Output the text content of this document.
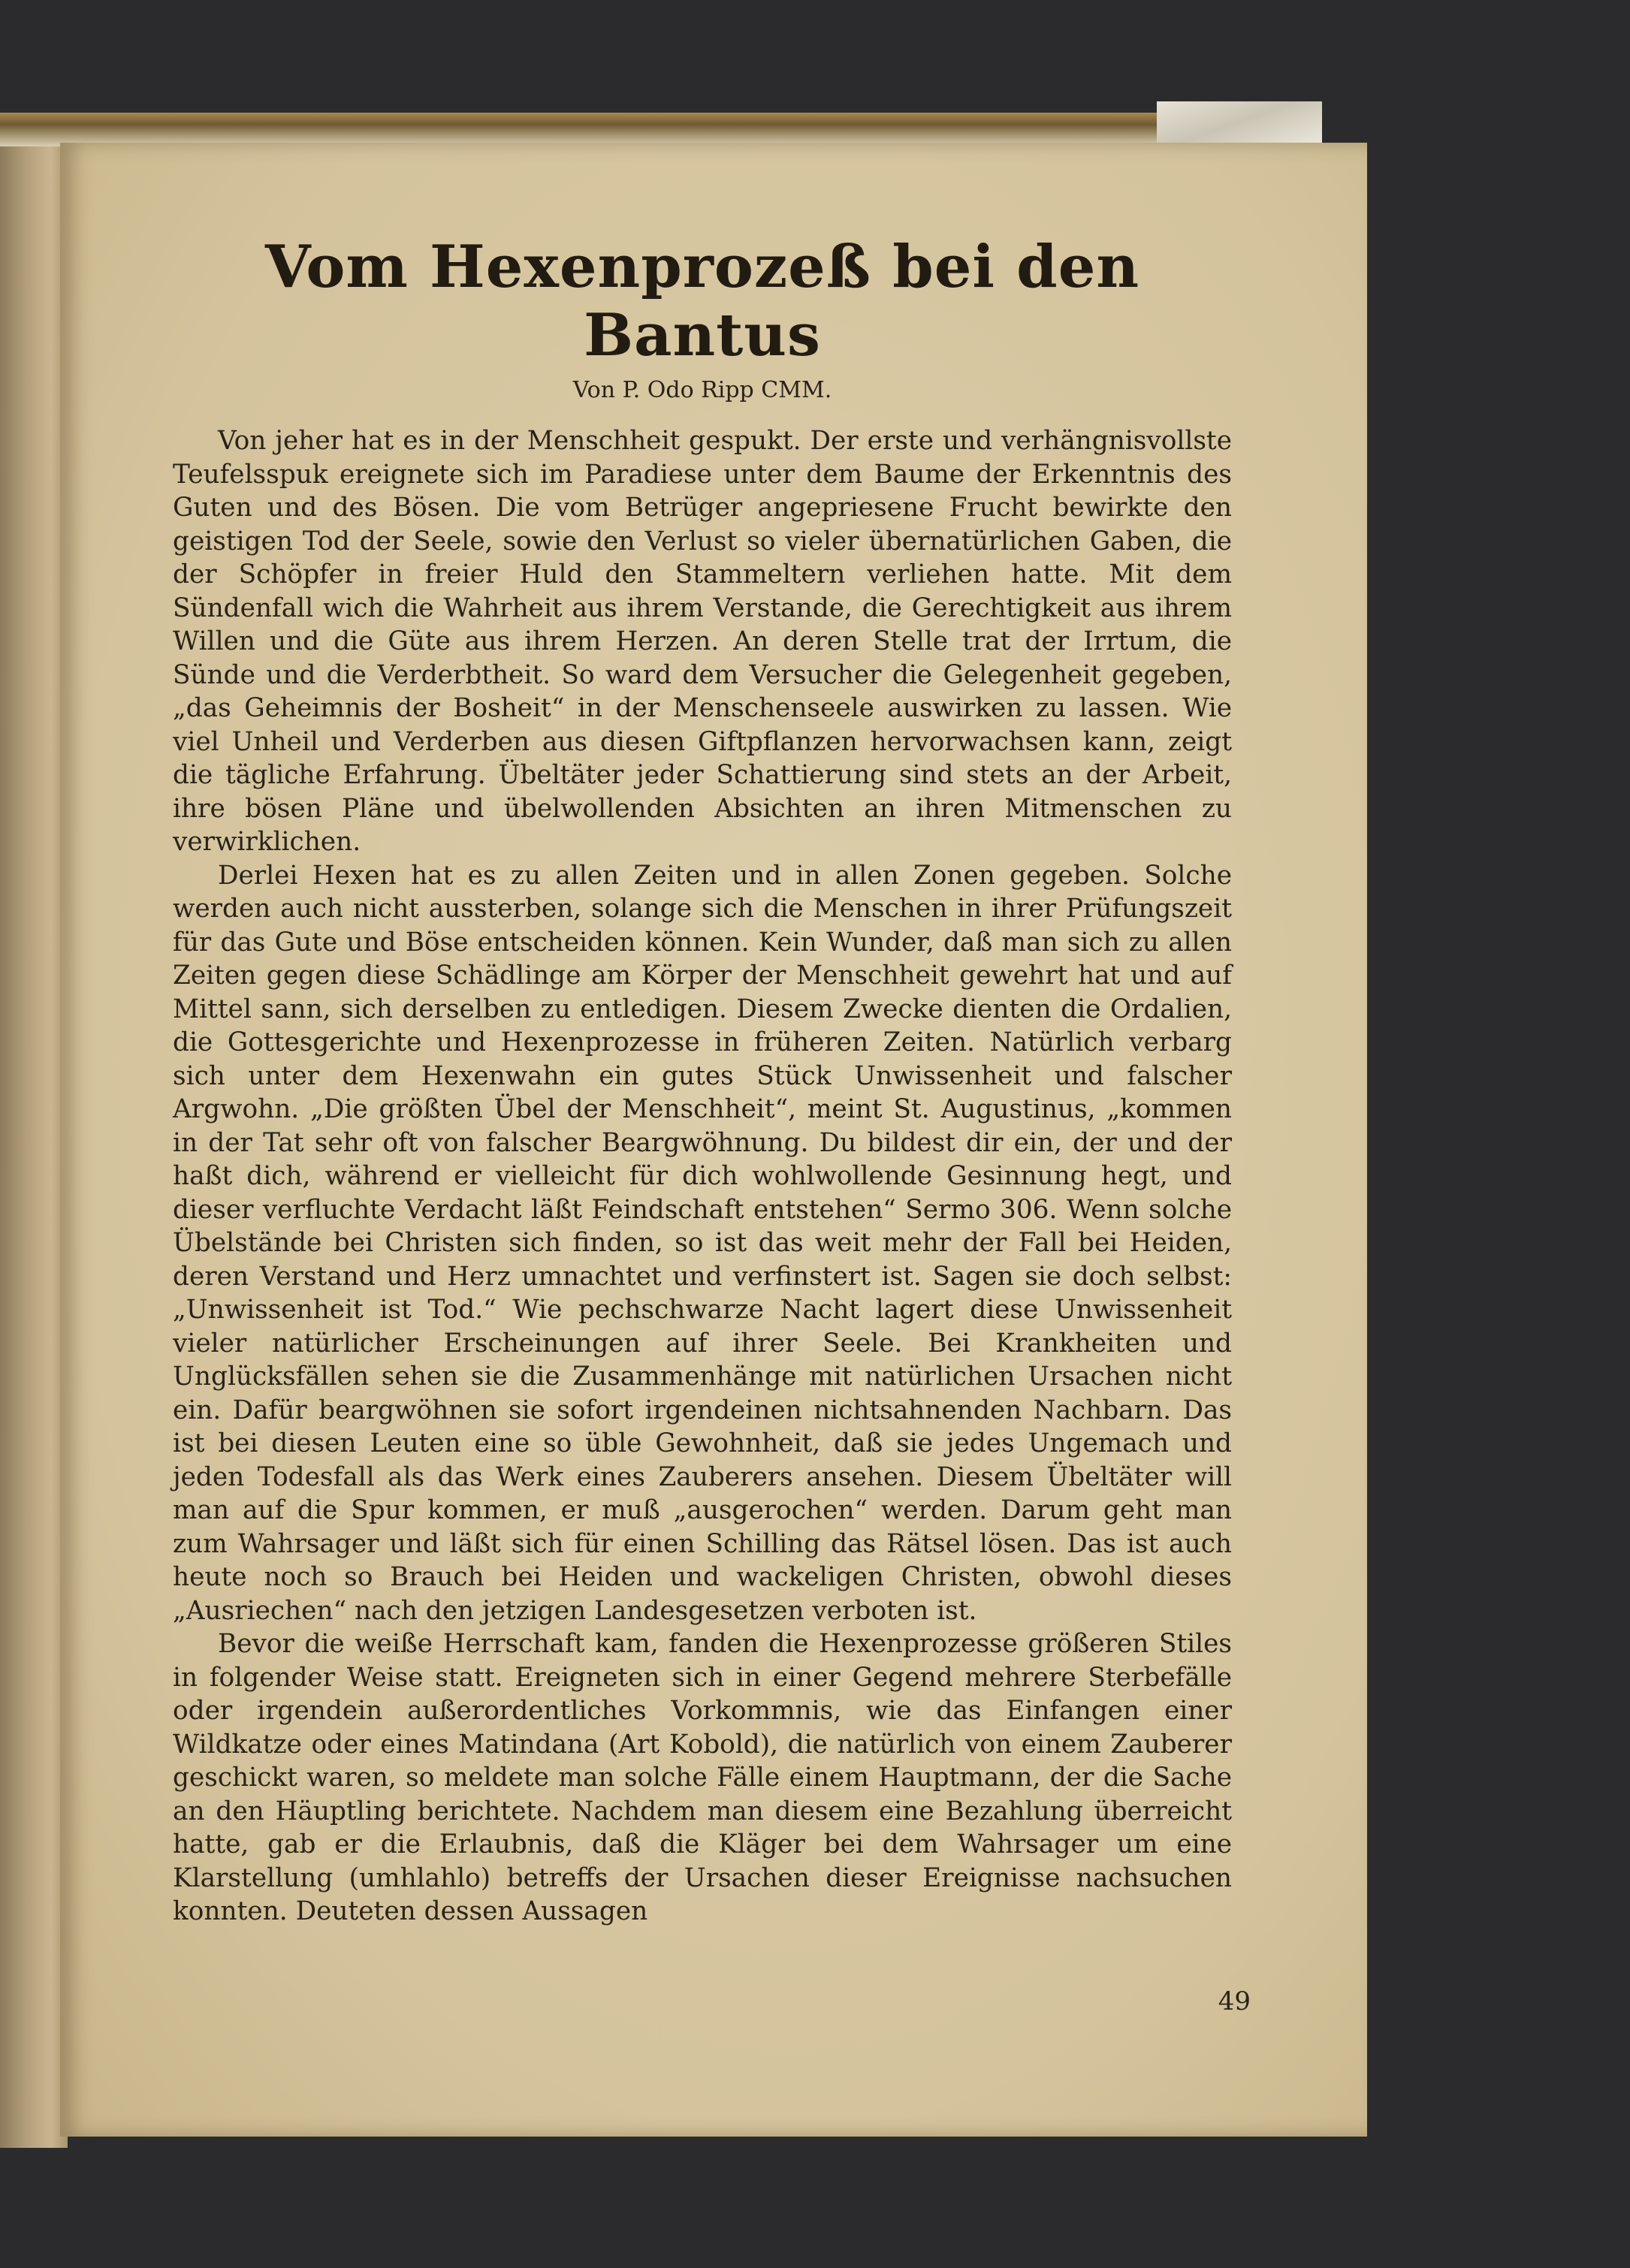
Vom Hexenprozeß bei den Bantus
Von P. Odo Ripp CMM.

Von jeher hat es in der Menschheit gespukt. Der erste und verhängnisvollste Teufelsspuk ereignete sich im Paradiese unter dem Baume der Erkenntnis des Guten und des Bösen. Die vom Betrüger angepriesene Frucht bewirkte den geistigen Tod der Seele, sowie den Verlust so vieler übernatürlichen Gaben, die der Schöpfer in freier Huld den Stammeltern verliehen hatte. Mit dem Sündenfall wich die Wahrheit aus ihrem Verstande, die Gerechtigkeit aus ihrem Willen und die Güte aus ihrem Herzen. An deren Stelle trat der Irrtum, die Sünde und die Verderbtheit. So ward dem Versucher die Gelegenheit gegeben, „das Geheimnis der Bosheit“ in der Menschenseele auswirken zu lassen. Wie viel Unheil und Verderben aus diesen Giftpflanzen hervorwachsen kann, zeigt die tägliche Erfahrung. Übeltäter jeder Schattierung sind stets an der Arbeit, ihre bösen Pläne und übelwollenden Absichten an ihren Mitmenschen zu verwirklichen.

Derlei Hexen hat es zu allen Zeiten und in allen Zonen gegeben. Solche werden auch nicht aussterben, solange sich die Menschen in ihrer Prüfungszeit für das Gute und Böse entscheiden können. Kein Wunder, daß man sich zu allen Zeiten gegen diese Schädlinge am Körper der Menschheit gewehrt hat und auf Mittel sann, sich derselben zu entledigen. Diesem Zwecke dienten die Ordalien, die Gottesgerichte und Hexenprozesse in früheren Zeiten. Natürlich verbarg sich unter dem Hexenwahn ein gutes Stück Unwissenheit und falscher Argwohn. „Die größten Übel der Menschheit“, meint St. Augustinus, „kommen in der Tat sehr oft von falscher Beargwöhnung. Du bildest dir ein, der und der haßt dich, während er vielleicht für dich wohlwollende Gesinnung hegt, und dieser verfluchte Verdacht läßt Feindschaft entstehen“ Sermo 306. Wenn solche Übelstände bei Christen sich finden, so ist das weit mehr der Fall bei Heiden, deren Verstand und Herz umnachtet und verfinstert ist. Sagen sie doch selbst: „Unwissenheit ist Tod.“ Wie pechschwarze Nacht lagert diese Unwissenheit vieler natürlicher Erscheinungen auf ihrer Seele. Bei Krankheiten und Unglücksfällen sehen sie die Zusammenhänge mit natürlichen Ursachen nicht ein. Dafür beargwöhnen sie sofort irgendeinen nichtsahnenden Nachbarn. Das ist bei diesen Leuten eine so üble Gewohnheit, daß sie jedes Ungemach und jeden Todesfall als das Werk eines Zauberers ansehen. Diesem Übeltäter will man auf die Spur kommen, er muß „ausgerochen“ werden. Darum geht man zum Wahrsager und läßt sich für einen Schilling das Rätsel lösen. Das ist auch heute noch so Brauch bei Heiden und wackeligen Christen, obwohl dieses „Ausriechen“ nach den jetzigen Landesgesetzen verboten ist.

Bevor die weiße Herrschaft kam, fanden die Hexenprozesse größeren Stiles in folgender Weise statt. Ereigneten sich in einer Gegend mehrere Sterbefälle oder irgendein außerordentliches Vorkommnis, wie das Einfangen einer Wildkatze oder eines Matindana (Art Kobold), die natürlich von einem Zauberer geschickt waren, so meldete man solche Fälle einem Hauptmann, der die Sache an den Häuptling berichtete. Nachdem man diesem eine Bezahlung überreicht hatte, gab er die Erlaubnis, daß die Kläger bei dem Wahrsager um eine Klarstellung (umhlahlo) betreffs der Ursachen dieser Ereignisse nachsuchen konnten. Deuteten dessen Aussagen

49
